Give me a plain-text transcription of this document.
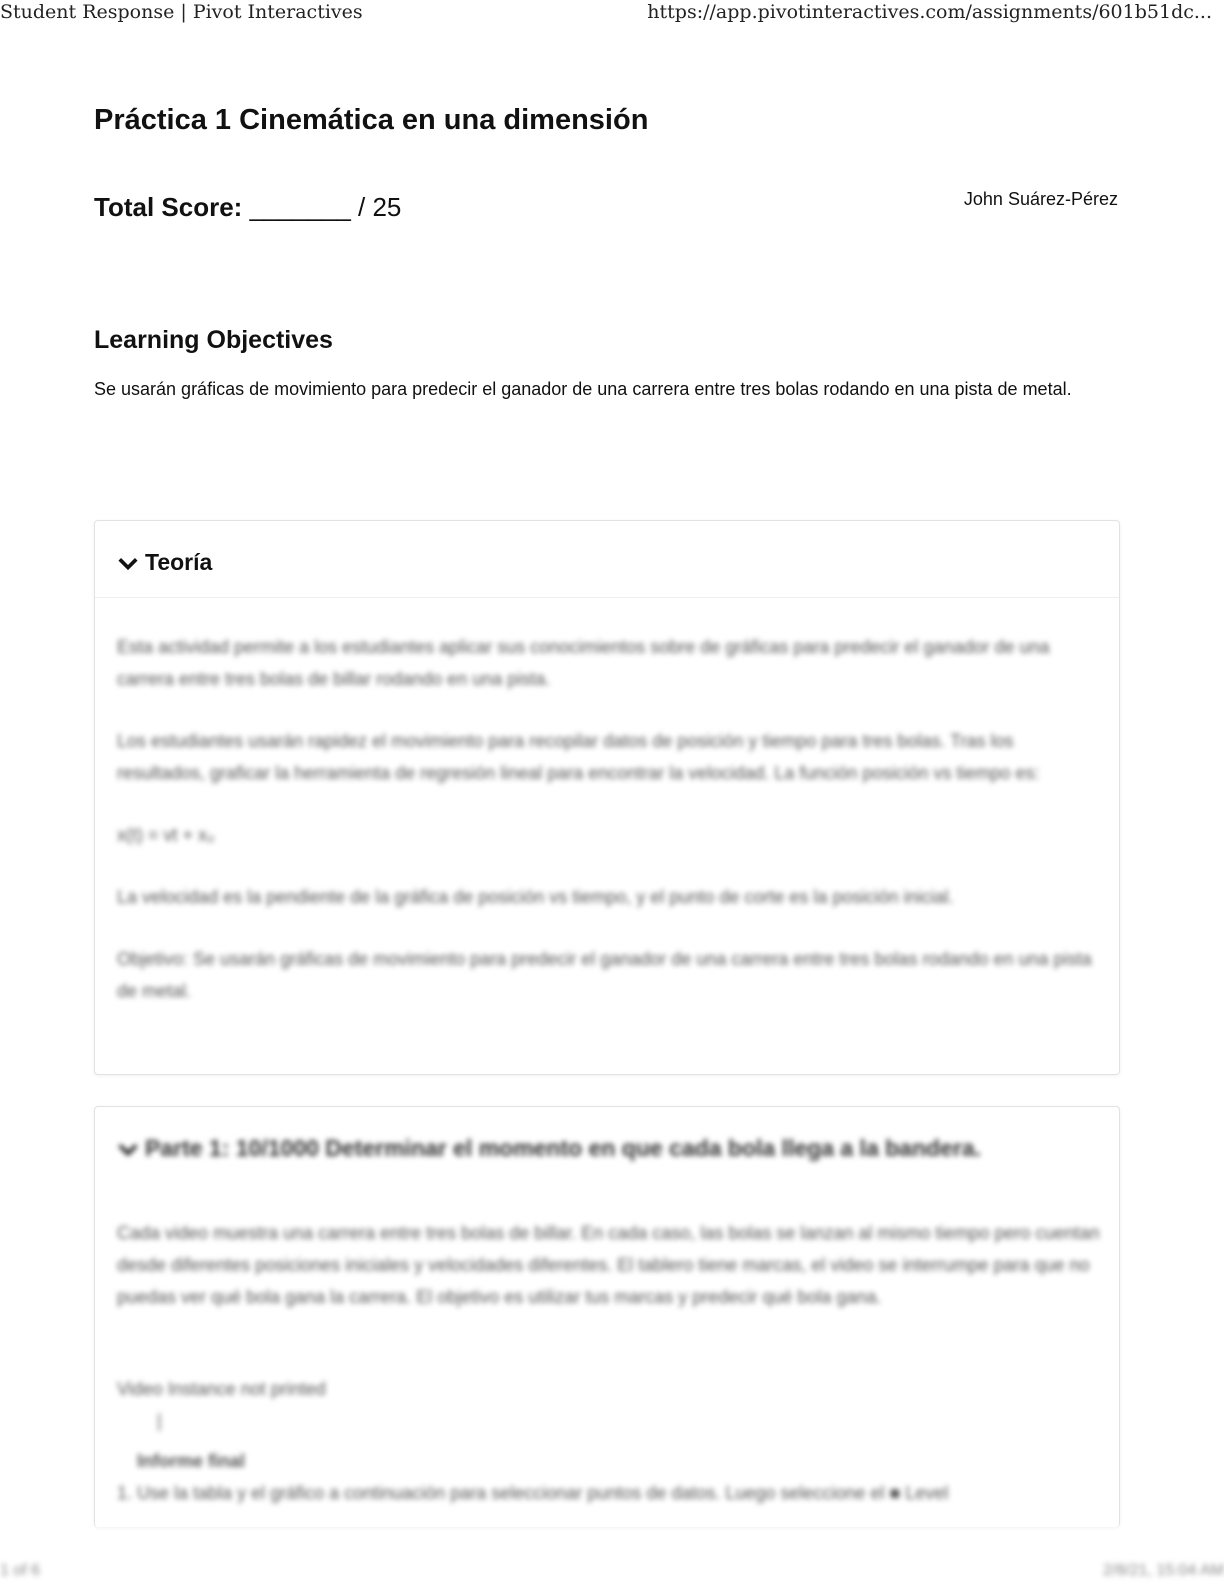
Student Response | Pivot Interactives	https://app.pivotinteractives.com/assignments/601b51dc...
Práctica 1 Cinemática en una dimensión
Total Score: _______ / 25	John Suárez-Pérez
Learning Objectives
Se usarán gráficas de movimiento para predecir el ganador de una carrera entre tres bolas rodando en una pista de metal.
Teoría

Esta actividad permite a los estudiantes aplicar sus conocimientos sobre de gráficas para predecir el ganador de una carrera entre tres bolas de billar rodando en una pista.

Los estudiantes usarán rapidez el movimiento para recopilar datos de posición y tiempo para tres bolas. Tras los resultados, graficar la herramienta de regresión lineal para encontrar la velocidad. La función posición vs tiempo es:

x(t) = vt + x₀

La velocidad es la pendiente de la gráfica de posición vs tiempo, y el punto de corte es la posición inicial.

Objetivo: Se usarán gráficas de movimiento para predecir el ganador de una carrera entre tres bolas rodando en una pista de metal.

Parte 1: 10/1000 Determinar el momento en que cada bola llega a la bandera.

Cada video muestra una carrera entre tres bolas de billar. En cada caso, las bolas se lanzan al mismo tiempo pero cuentan desde diferentes posiciones iniciales y velocidades diferentes. El tablero tiene marcas, el video se interrumpe para que no puedas ver qué bola gana la carrera. El objetivo es utilizar tus marcas y predecir qué bola gana.

Video Instance not printed
|
Informe final
1. Use la tabla y el gráfico a continuación para seleccionar puntos de datos. Luego seleccione el ■ Level
1 of 6	2/8/21, 15:04 AM
